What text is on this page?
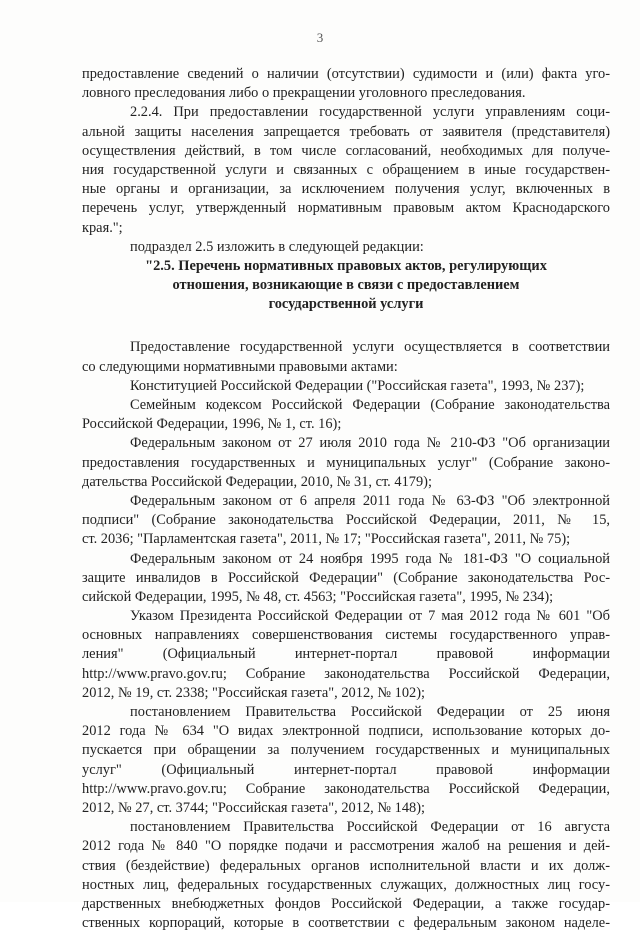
3
предоставление сведений о наличии (отсутствии) судимости и (или) факта уго-
ловного преследования либо о прекращении уголовного преследования.
2.2.4. При предоставлении государственной услуги управлениям соци-
альной защиты населения запрещается требовать от заявителя (представителя)
осуществления действий, в том числе согласований, необходимых для получе-
ния государственной услуги и связанных с обращением в иные государствен-
ные органы и организации, за исключением получения услуг, включенных в
перечень услуг, утвержденный нормативным правовым актом Краснодарского
края.";
подраздел 2.5 изложить в следующей редакции:
"2.5. Перечень нормативных правовых актов, регулирующих
отношения, возникающие в связи с предоставлением
государственной услуги
Предоставление государственной услуги осуществляется в соответствии
со следующими нормативными правовыми актами:
Конституцией Российской Федерации ("Российская газета", 1993, № 237);
Семейным кодексом Российской Федерации (Собрание законодательства
Российской Федерации, 1996, № 1, ст. 16);
Федеральным законом от 27 июля 2010 года № 210-ФЗ "Об организации
предоставления государственных и муниципальных услуг" (Собрание законо-
дательства Российской Федерации, 2010, № 31, ст. 4179);
Федеральным законом от 6 апреля 2011 года № 63-ФЗ "Об электронной
подписи" (Собрание законодательства Российской Федерации, 2011, № 15,
ст. 2036; "Парламентская газета", 2011, № 17; "Российская газета", 2011, № 75);
Федеральным законом от 24 ноября 1995 года № 181-ФЗ "О социальной
защите инвалидов в Российской Федерации" (Собрание законодательства Рос-
сийской Федерации, 1995, № 48, ст. 4563; "Российская газета", 1995, № 234);
Указом Президента Российской Федерации от 7 мая 2012 года № 601 "Об
основных направлениях совершенствования системы государственного управ-
ления" (Официальный интернет-портал правовой информации
http://www.pravo.gov.ru; Собрание законодательства Российской Федерации,
2012, № 19, ст. 2338; "Российская газета", 2012, № 102);
постановлением Правительства Российской Федерации от 25 июня
2012 года № 634 "О видах электронной подписи, использование которых до-
пускается при обращении за получением государственных и муниципальных
услуг" (Официальный интернет-портал правовой информации
http://www.pravo.gov.ru; Собрание законодательства Российской Федерации,
2012, № 27, ст. 3744; "Российская газета", 2012, № 148);
постановлением Правительства Российской Федерации от 16 августа
2012 года № 840 "О порядке подачи и рассмотрения жалоб на решения и дей-
ствия (бездействие) федеральных органов исполнительной власти и их долж-
ностных лиц, федеральных государственных служащих, должностных лиц госу-
дарственных внебюджетных фондов Российской Федерации, а также государ-
ственных корпораций, которые в соответствии с федеральным законом наделе-
